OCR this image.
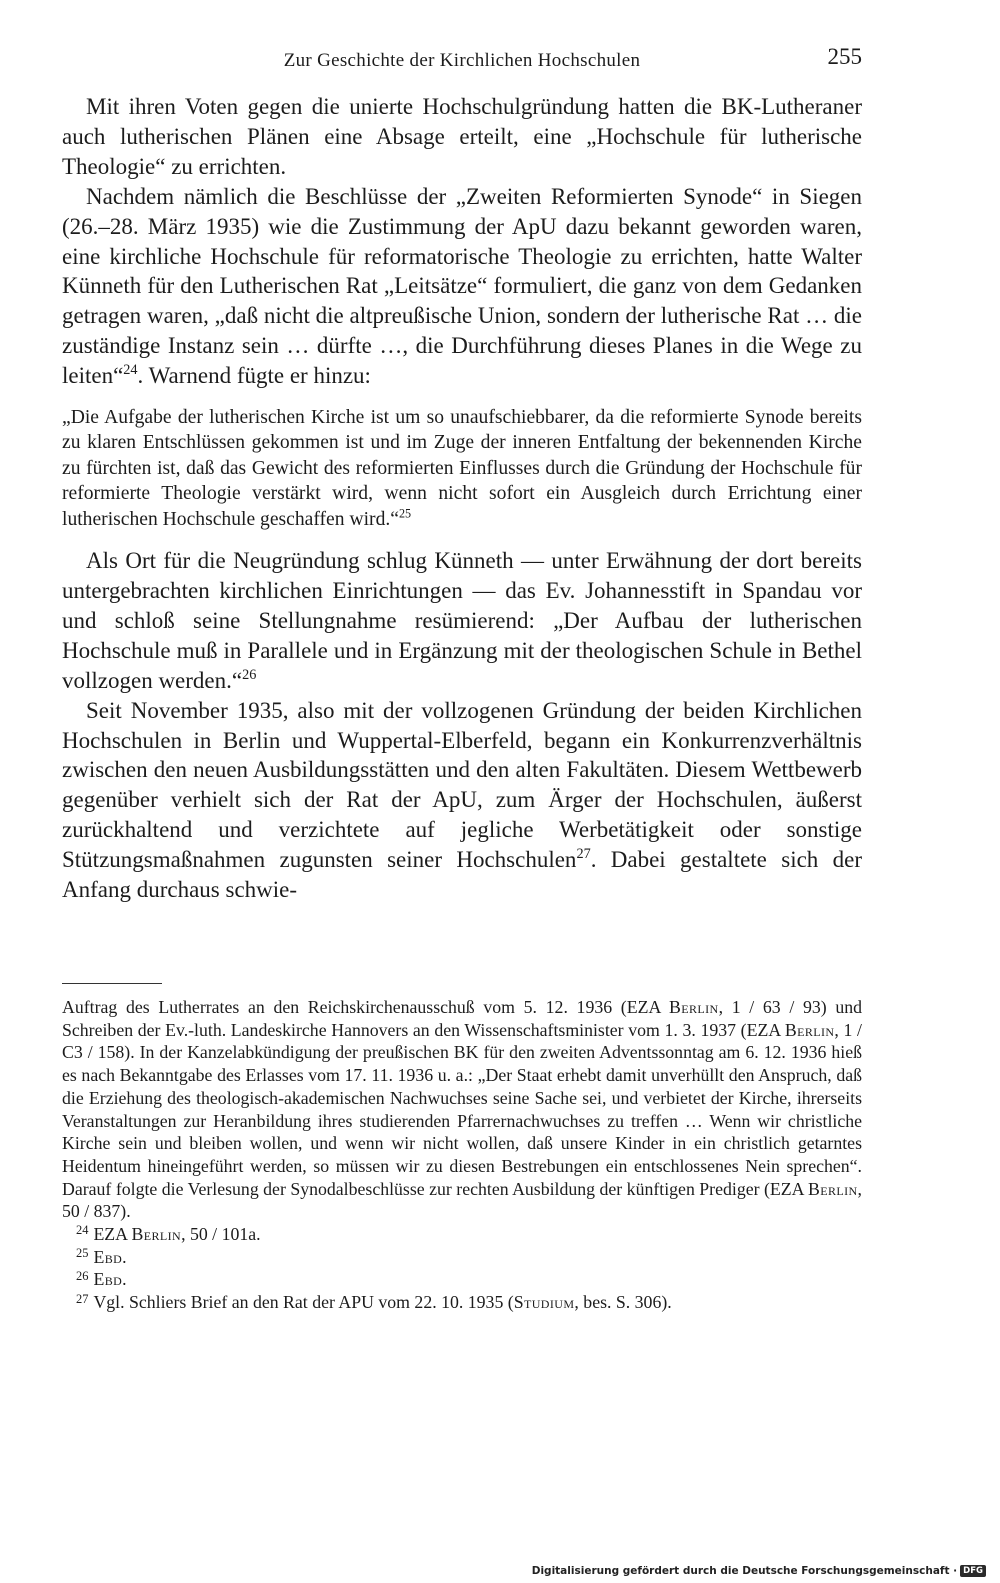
Zur Geschichte der Kirchlichen Hochschulen	255

Mit ihren Voten gegen die unierte Hochschulgründung hatten die BK-Lutheraner auch lutherischen Plänen eine Absage erteilt, eine „Hochschule für lutherische Theologie“ zu errichten.

Nachdem nämlich die Beschlüsse der „Zweiten Reformierten Synode“ in Siegen (26.–28. März 1935) wie die Zustimmung der ApU dazu bekannt geworden waren, eine kirchliche Hochschule für reformatorische Theologie zu errichten, hatte Walter Künneth für den Lutherischen Rat „Leitsätze“ formuliert, die ganz von dem Gedanken getragen waren, „daß nicht die altpreußische Union, sondern der lutherische Rat … die zuständige Instanz sein … dürfte …, die Durchführung dieses Planes in die Wege zu leiten“$^{24}$. Warnend fügte er hinzu:

„Die Aufgabe der lutherischen Kirche ist um so unaufschiebbarer, da die reformierte Synode bereits zu klaren Entschlüssen gekommen ist und im Zuge der inneren Entfaltung der bekennenden Kirche zu fürchten ist, daß das Gewicht des reformierten Einflusses durch die Gründung der Hochschule für reformierte Theologie verstärkt wird, wenn nicht sofort ein Ausgleich durch Errichtung einer lutherischen Hochschule geschaffen wird.“$^{25}$

Als Ort für die Neugründung schlug Künneth — unter Erwähnung der dort bereits untergebrachten kirchlichen Einrichtungen — das Ev. Johannesstift in Spandau vor und schloß seine Stellungnahme resümierend: „Der Aufbau der lutherischen Hochschule muß in Parallele und in Ergänzung mit der theologischen Schule in Bethel vollzogen werden.“$^{26}$

Seit November 1935, also mit der vollzogenen Gründung der beiden Kirchlichen Hochschulen in Berlin und Wuppertal-Elberfeld, begann ein Konkurrenzverhältnis zwischen den neuen Ausbildungsstätten und den alten Fakultäten. Diesem Wettbewerb gegenüber verhielt sich der Rat der ApU, zum Ärger der Hochschulen, äußerst zurückhaltend und verzichtete auf jegliche Werbetätigkeit oder sonstige Stützungsmaßnahmen zugunsten seiner Hochschulen$^{27}$. Dabei gestaltete sich der Anfang durchaus schwie-

Auftrag des Lutherrates an den Reichskirchenausschuß vom 5. 12. 1936 (EZA Berlin, 1 / 63 / 93) und Schreiben der Ev.-luth. Landeskirche Hannovers an den Wissenschaftsminister vom 1. 3. 1937 (EZA Berlin, 1 / C3 / 158). In der Kanzelabkündigung der preußischen BK für den zweiten Adventssonntag am 6. 12. 1936 hieß es nach Bekanntgabe des Erlasses vom 17. 11. 1936 u. a.: „Der Staat erhebt damit unverhüllt den Anspruch, daß die Erziehung des theologisch-akademischen Nachwuchses seine Sache sei, und verbietet der Kirche, ihrerseits Veranstaltungen zur Heranbildung ihres studierenden Pfarrernachwuchses zu treffen … Wenn wir christliche Kirche sein und bleiben wollen, und wenn wir nicht wollen, daß unsere Kinder in ein christlich getarntes Heidentum hineingeführt werden, so müssen wir zu diesen Bestrebungen ein entschlossenes Nein sprechen“. Darauf folgte die Verlesung der Synodalbeschlüsse zur rechten Ausbildung der künftigen Prediger (EZA Berlin, 50 / 837).

$^{24}$ EZA Berlin, 50 / 101a.

$^{25}$ Ebd.

$^{26}$ Ebd.

$^{27}$ Vgl. Schliers Brief an den Rat der APU vom 22. 10. 1935 (Studium, bes. S. 306).

Digitalisierung gefördert durch die Deutsche Forschungsgemeinschaft · DFG
